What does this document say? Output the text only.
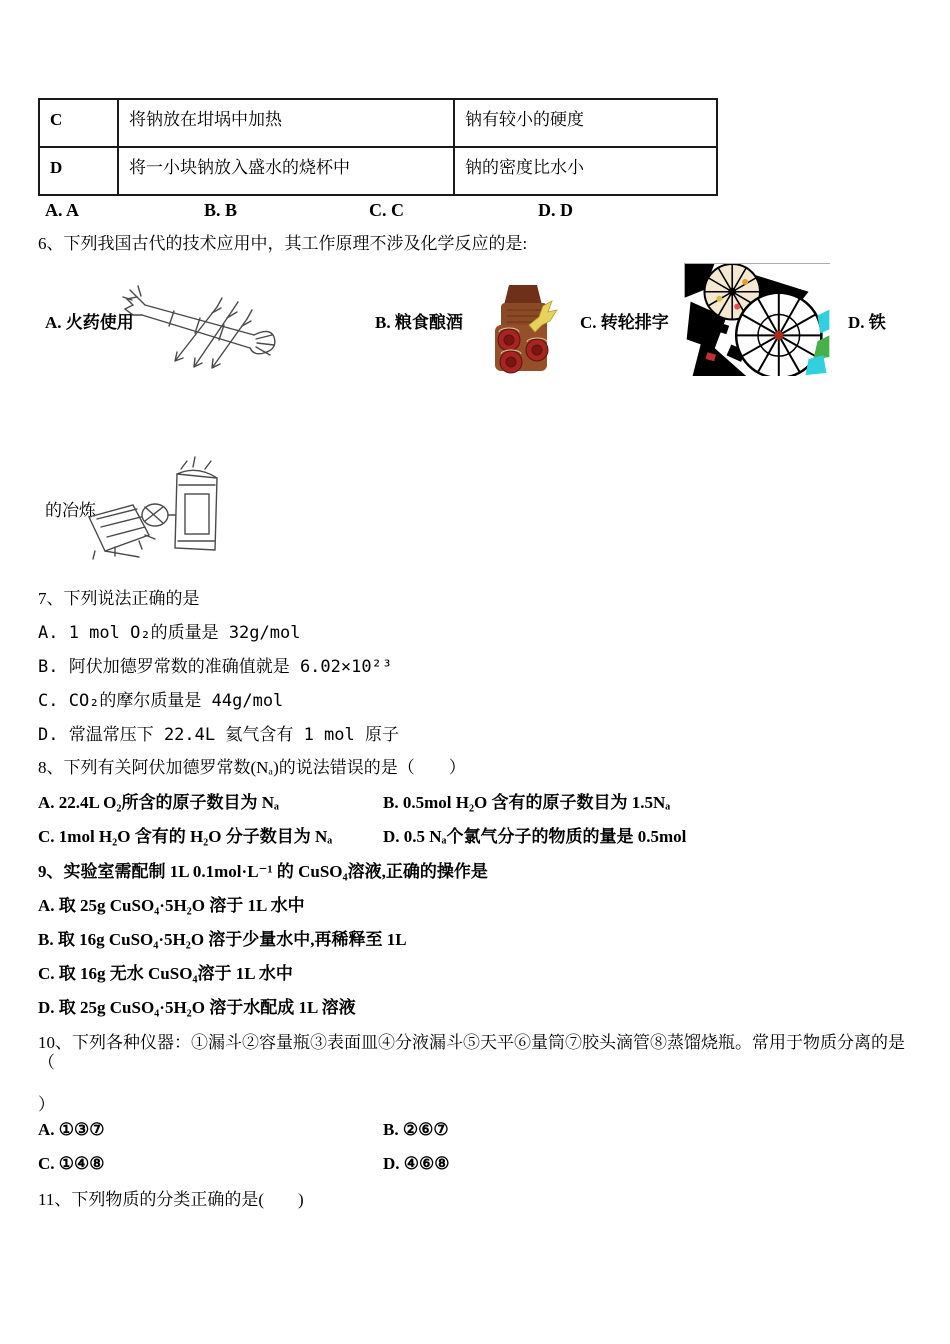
C	将钠放在坩埚中加热	钠有较小的硬度
D	将一小块钠放入盛水的烧杯中	钠的密度比水小
A. A	B. B	C. C	D. D
6、下列我国古代的技术应用中，其工作原理不涉及化学反应的是:
A. 火药使用	B. 粮食酿酒	C. 转轮排字	D. 铁
的冶炼
7、下列说法正确的是
A. 1 mol O₂的质量是 32g/mol
B. 阿伏加德罗常数的准确值就是 6.02×10²³
C. CO₂的摩尔质量是 44g/mol
D. 常温常压下 22.4L 氦气含有 1 mol 原子
8、下列有关阿伏加德罗常数(Nₐ)的说法错误的是（　　）
A. 22.4L O₂所含的原子数目为 Nₐ	B. 0.5mol H₂O 含有的原子数目为 1.5Nₐ
C. 1mol H₂O 含有的 H₂O 分子数目为 Nₐ	D. 0.5 Nₐ个氯气分子的物质的量是 0.5mol
9、实验室需配制 1L 0.1mol·L⁻¹ 的 CuSO₄溶液,正确的操作是
A. 取 25g CuSO₄·5H₂O 溶于 1L 水中
B. 取 16g CuSO₄·5H₂O 溶于少量水中,再稀释至 1L
C. 取 16g 无水 CuSO₄溶于 1L 水中
D. 取 25g CuSO₄·5H₂O 溶于水配成 1L 溶液
10、下列各种仪器：①漏斗②容量瓶③表面皿④分液漏斗⑤天平⑥量筒⑦胶头滴管⑧蒸馏烧瓶。常用于物质分离的是（
）
A. ①③⑦	B. ②⑥⑦
C. ①④⑧	D. ④⑥⑧
11、下列物质的分类正确的是(　　)
